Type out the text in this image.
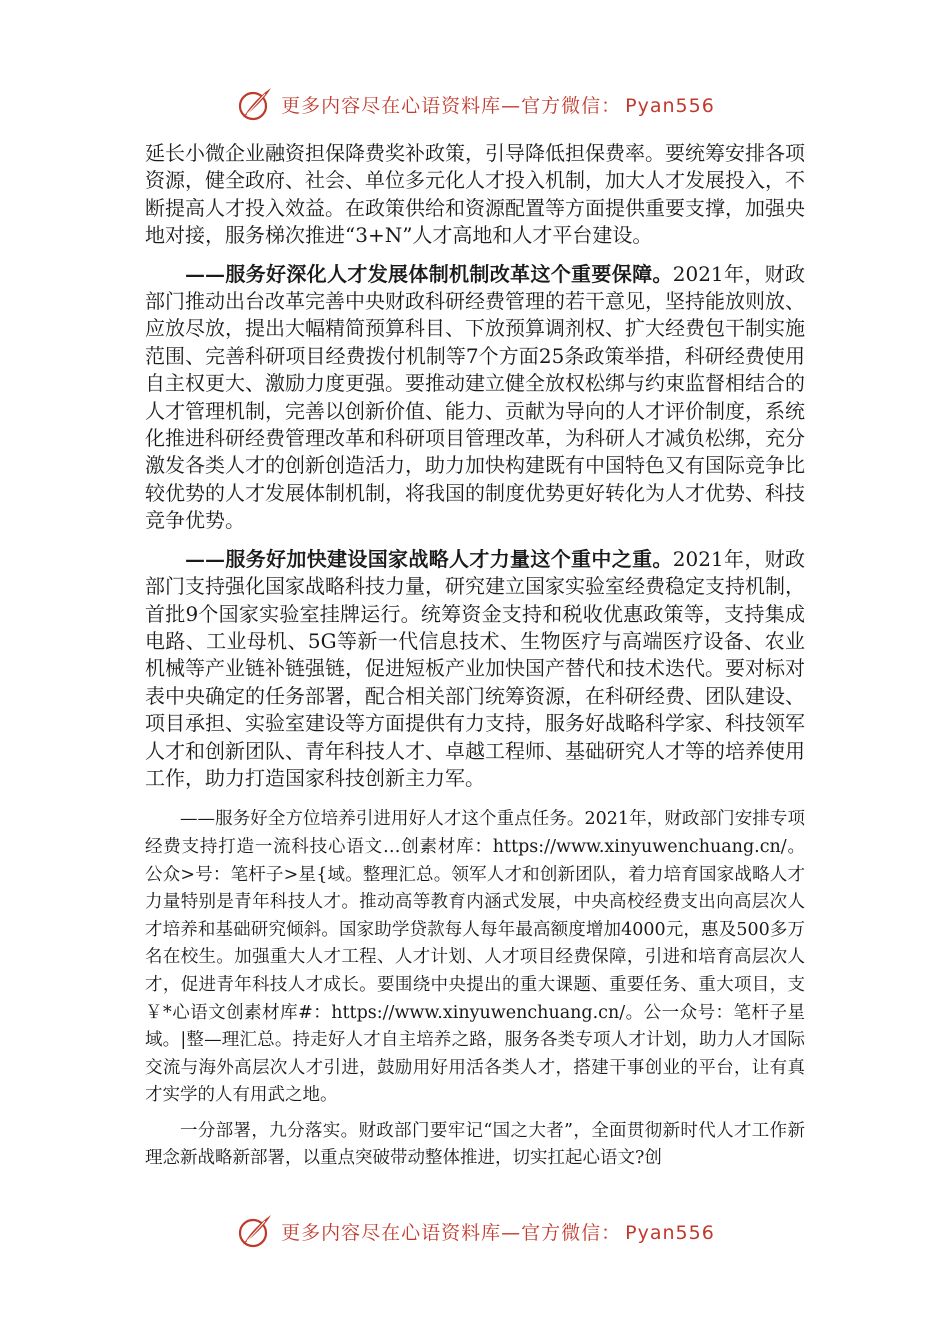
更多内容尽在心语资料库—官方微信： Pyan556

延长小微企业融资担保降费奖补政策，引导降低担保费率。要统筹安排各项资源，健全政府、社会、单位多元化人才投入机制，加大人才发展投入，不断提高人才投入效益。在政策供给和资源配置等方面提供重要支撑，加强央地对接，服务梯次推进“3+N”人才高地和人才平台建设。

——服务好深化人才发展体制机制改革这个重要保障。2021年，财政部门推动出台改革完善中央财政科研经费管理的若干意见，坚持能放则放、应放尽放，提出大幅精简预算科目、下放预算调剂权、扩大经费包干制实施范围、完善科研项目经费拨付机制等7个方面25条政策举措，科研经费使用自主权更大、激励力度更强。要推动建立健全放权松绑与约束监督相结合的人才管理机制，完善以创新价值、能力、贡献为导向的人才评价制度，系统化推进科研经费管理改革和科研项目管理改革，为科研人才减负松绑，充分激发各类人才的创新创造活力，助力加快构建既有中国特色又有国际竞争比较优势的人才发展体制机制，将我国的制度优势更好转化为人才优势、科技竞争优势。

——服务好加快建设国家战略人才力量这个重中之重。2021年，财政部门支持强化国家战略科技力量，研究建立国家实验室经费稳定支持机制，首批9个国家实验室挂牌运行。统筹资金支持和税收优惠政策等，支持集成电路、工业母机、5G等新一代信息技术、生物医疗与高端医疗设备、农业机械等产业链补链强链，促进短板产业加快国产替代和技术迭代。要对标对表中央确定的任务部署，配合相关部门统筹资源，在科研经费、团队建设、项目承担、实验室建设等方面提供有力支持，服务好战略科学家、科技领军人才和创新团队、青年科技人才、卓越工程师、基础研究人才等的培养使用工作，助力打造国家科技创新主力军。

——服务好全方位培养引进用好人才这个重点任务。2021年，财政部门安排专项经费支持打造一流科技心语文…创素材库：https://www.xinyuwenchuang.cn/。公众>号：笔杆子>星{域。整理汇总。领军人才和创新团队，着力培育国家战略人才力量特别是青年科技人才。推动高等教育内涵式发展，中央高校经费支出向高层次人才培养和基础研究倾斜。国家助学贷款每人每年最高额度增加4000元，惠及500多万名在校生。加强重大人才工程、人才计划、人才项目经费保障，引进和培育高层次人才，促进青年科技人才成长。要围绕中央提出的重大课题、重要任务、重大项目，支￥*心语文创素材库#：https://www.xinyuwenchuang.cn/。公一众号：笔杆子星域。|整—理汇总。持走好人才自主培养之路，服务各类专项人才计划，助力人才国际交流与海外高层次人才引进，鼓励用好用活各类人才，搭建干事创业的平台，让有真才实学的人有用武之地。

一分部署，九分落实。财政部门要牢记“国之大者”，全面贯彻新时代人才工作新理念新战略新部署，以重点突破带动整体推进，切实扛起心语文?创

更多内容尽在心语资料库—官方微信： Pyan556
